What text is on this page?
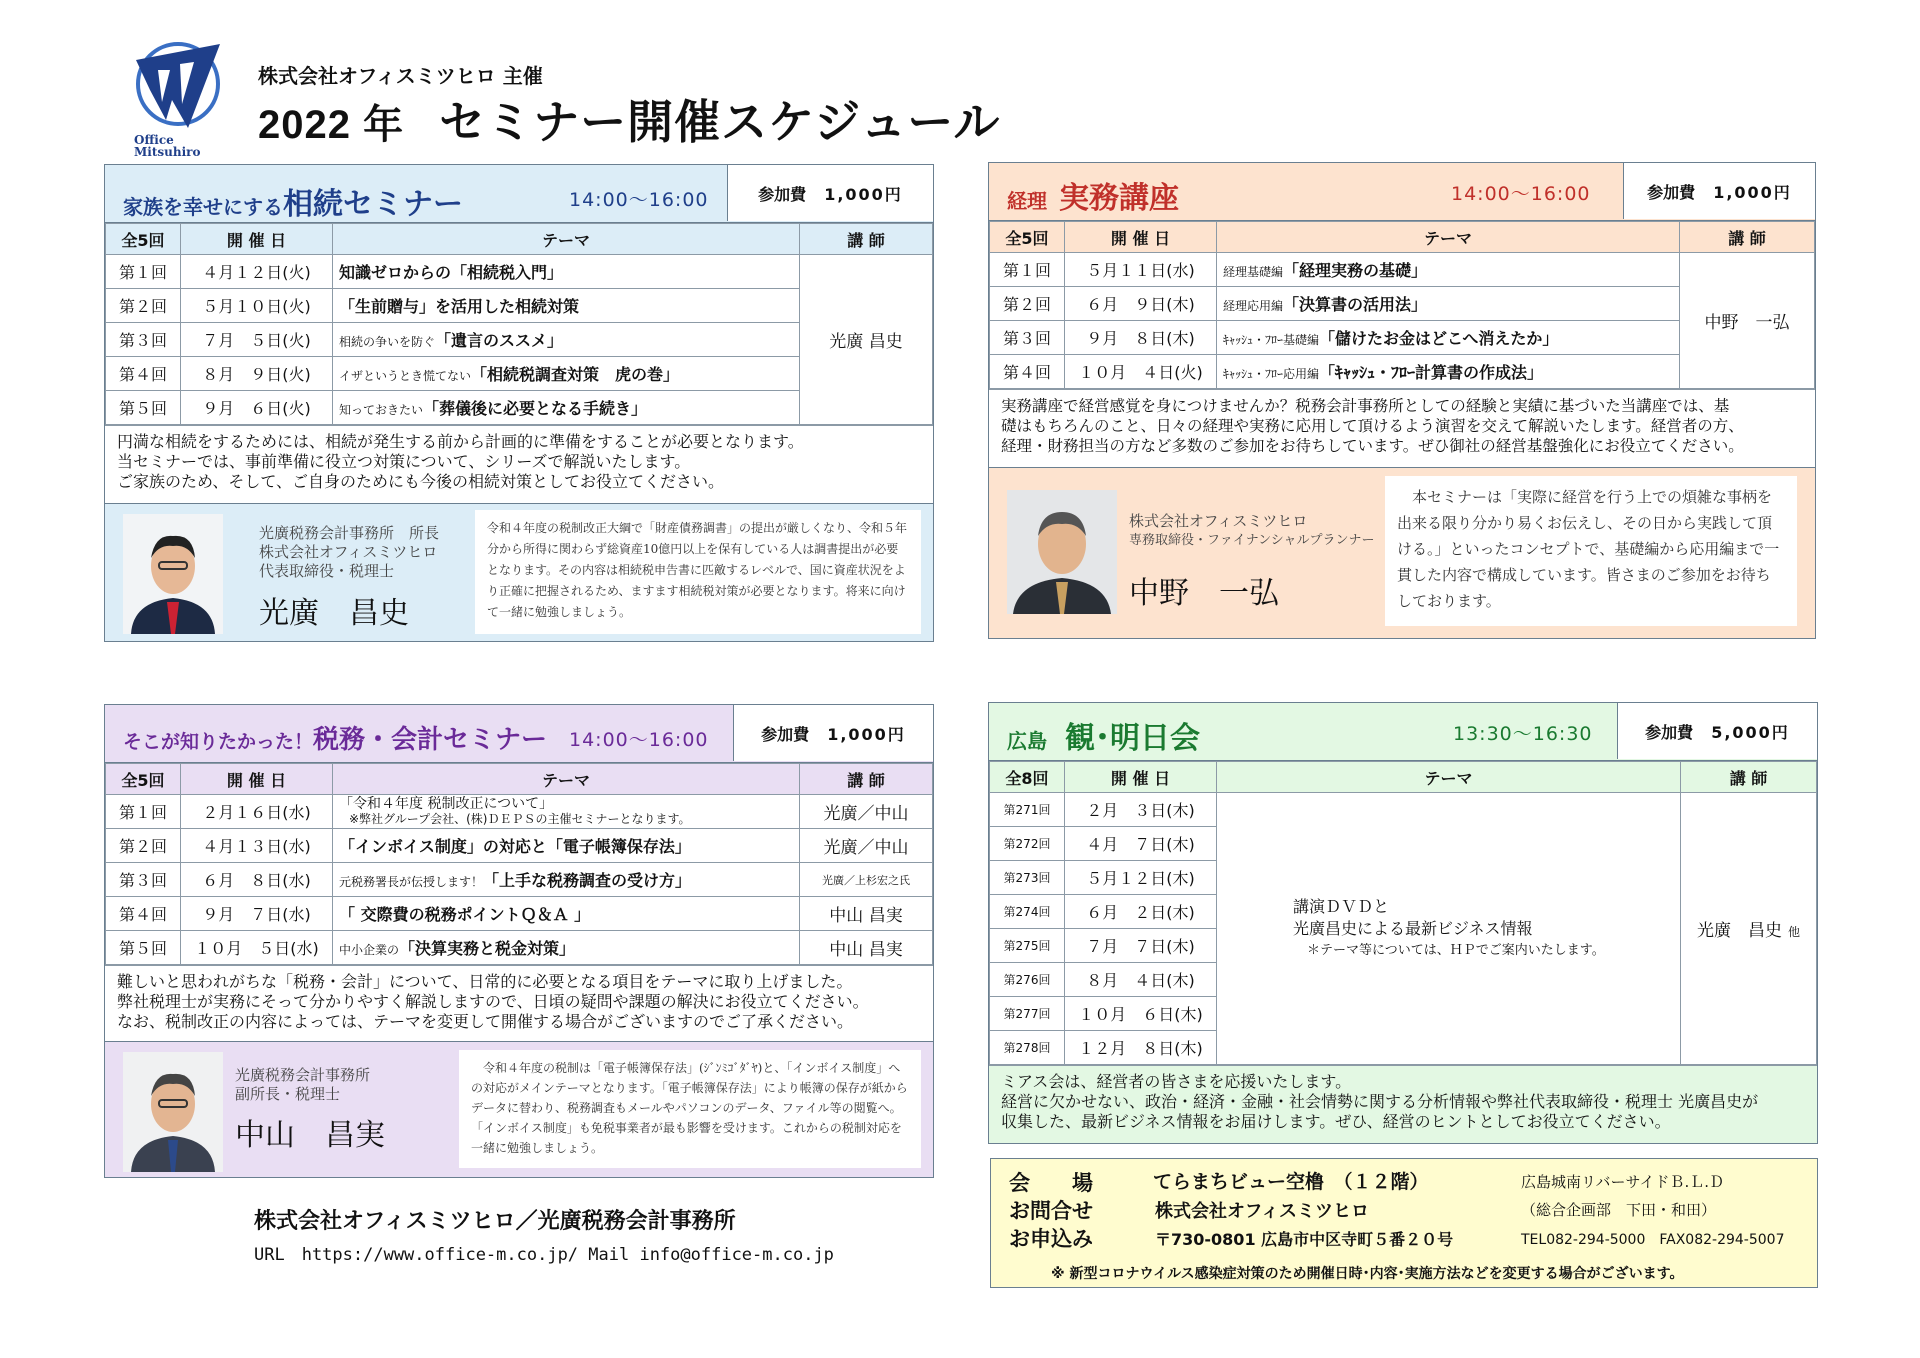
Office
Mitsuhiro
株式会社オフィスミツヒロ 主催
2022 年 セミナー開催スケジュール
家族を幸せにする相続セミナー	14:00～16:00	参加費 1,000円
全5回	開 催 日	テーマ	講 師
第１回	４月１２日(火)	知識ゼロからの「相続税入門」	光廣 昌史
第２回	５月１０日(火)	「生前贈与」を活用した相続対策	
第３回	７月　５日(火)	相続の争いを防ぐ「遺言のススメ」	
第４回	８月　９日(火)	イザというとき慌てない「相続税調査対策　虎の巻」	
第５回	９月　６日(火)	知っておきたい「葬儀後に必要となる手続き」	
円満な相続をするためには、相続が発生する前から計画的に準備をすることが必要となります。
当セミナーでは、事前準備に役立つ対策について、シリーズで解説いたします。
ご家族のため、そして、ご自身のためにも今後の相続対策としてお役立てください。
光廣税務会計事務所　所長
株式会社オフィスミツヒロ
代表取締役・税理士
光廣　昌史
令和４年度の税制改正大綱で「財産債務調書」の提出が厳しくなり、令和５年分から所得に関わらず総資産10億円以上を保有している人は調書提出が必要となります。その内容は相続税申告書に匹敵するレベルで、国に資産状況をより正確に把握されるため、ますます相続税対策が必要となります。将来に向けて一緒に勉強しましょう。
経理 実務講座	14:00～16:00	参加費 1,000円
全5回	開 催 日	テーマ	講 師
第１回	５月１１日(水)	経理基礎編「経理実務の基礎」	中野　一弘
第２回	６月　９日(木)	経理応用編「決算書の活用法」	
第３回	９月　８日(木)	ｷｬｯｼｭ・ﾌﾛｰ基礎編「儲けたお金はどこへ消えたか」	
第４回	１０月　４日(火)	ｷｬｯｼｭ・ﾌﾛｰ応用編「ｷｬｯｼｭ・ﾌﾛｰ計算書の作成法」	
実務講座で経営感覚を身につけませんか？税務会計事務所としての経験と実績に基づいた当講座では、基
礎はもちろんのこと、日々の経理や実務に応用して頂けるよう演習を交えて解説いたします。経営者の方、
経理・財務担当の方など多数のご参加をお待ちしています。ぜひ御社の経営基盤強化にお役立てください。
株式会社オフィスミツヒロ
専務取締役・ファイナンシャルプランナー
中野　一弘
本セミナーは「実際に経営を行う上での煩雑な事柄を出来る限り分かり易くお伝えし、その日から実践して頂ける。」といったコンセプトで、基礎編から応用編まで一貫した内容で構成しています。皆さまのご参加をお待ちしております。
そこが知りたかった！税務・会計セミナー 14:00～16:00	参加費 1,000円
全5回	開 催 日	テーマ	講 師
第１回	２月１６日(水)	「令和４年度 税制改正について」
※弊社グループ会社、(株)ＤＥＰＳの主催セミナーとなります。	光廣／中山
第２回	４月１３日(水)	「インボイス制度」の対応と「電子帳簿保存法」	光廣／中山
第３回	６月　８日(水)	元税務署長が伝授します！「上手な税務調査の受け方」	光廣／上杉宏之氏
第４回	９月　７日(水)	「 交際費の税務ポイントＱ＆Ａ 」	中山 昌実
第５回	１０月　５日(水)	中小企業の「決算実務と税金対策」	中山 昌実
難しいと思われがちな「税務・会計」について、日常的に必要となる項目をテーマに取り上げました。
弊社税理士が実務にそって分かりやすく解説しますので、日頃の疑問や課題の解決にお役立てください。
なお、税制改正の内容によっては、テーマを変更して開催する場合がございますのでご了承ください。
光廣税務会計事務所
副所長・税理士
中山　昌実
令和４年度の税制は「電子帳簿保存法」(ｼﾞﾝﾐｺﾞﾀﾞﾔ)と、「インボイス制度」への対応がメインテーマとなります。「電子帳簿保存法」により帳簿の保存が紙からデータに替わり、税務調査もメールやパソコンのデータ、ファイル等の閲覧へ。「インボイス制度」も免税事業者が最も影響を受けます。これからの税制対応を一緒に勉強しましょう。
広島 観･明日会	13:30～16:30	参加費 5,000円
全8回	開 催 日	テーマ	講 師
第271回	２月　３日(木)	講演ＤＶＤと
光廣昌史による最新ビジネス情報
＊テーマ等については、ＨＰでご案内いたします。	光廣　昌史 他
第272回	４月　７日(木)		
第273回	５月１２日(木)		
第274回	６月　２日(木)		
第275回	７月　７日(木)		
第276回	８月　４日(木)		
第277回	１０月　６日(木)		
第278回	１２月　８日(木)		
ミアス会は、経営者の皆さまを応援いたします。
経営に欠かせない、政治・経済・金融・社会情勢に関する分析情報や弊社代表取締役・税理士 光廣昌史が
収集した、最新ビジネス情報をお届けします。ぜひ、経営のヒントとしてお役立てください。
会　　場	てらまちビュー空橹　（１２階）	広島城南リバーサイドＢ.Ｌ.Ｄ
お問合せ	株式会社オフィスミツヒロ	（総合企画部　下田・和田）
お申込み	〒730-0801 広島市中区寺町５番２０号	TEL082-294-5000　FAX082-294-5007
※ 新型コロナウイルス感染症対策のため開催日時･内容･実施方法などを変更する場合がございます。
株式会社オフィスミツヒロ／光廣税務会計事務所
URL　https://www.office-m.co.jp/ Mail info@office-m.co.jp
